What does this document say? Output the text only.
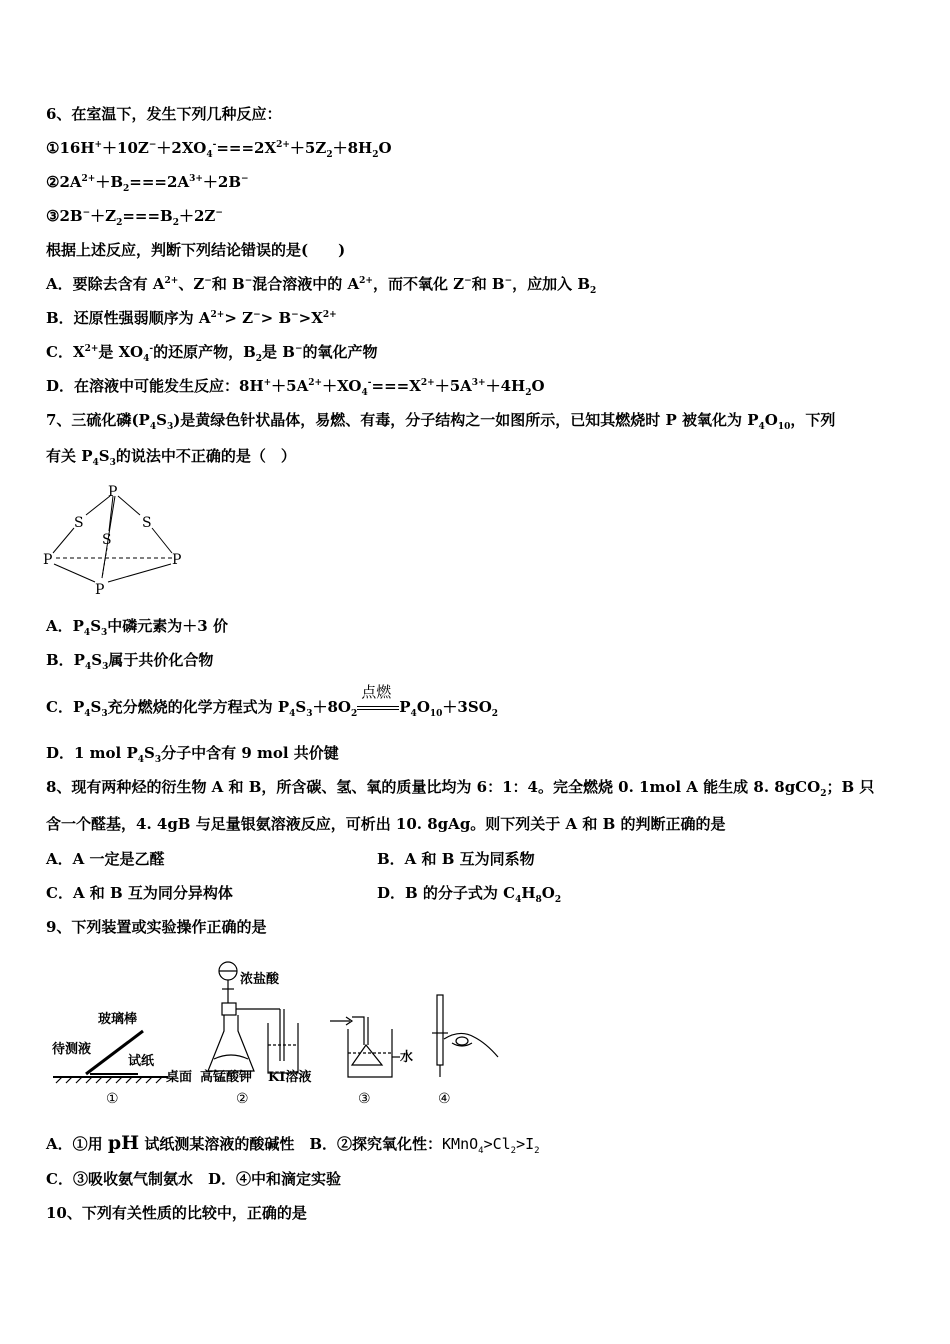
6、在室温下，发生下列几种反应：
$①16H^++10Z^-+2XO_4^-===2X^{2+}+5Z_2+8H_2O$
$②2A^{2+}+B_2===2A^{3+}+2B^-$
$③2B^-+Z_2===B_2+2Z^-$
根据上述反应，判断下列结论错误的是(　　)
A．要除去含有 $A^{2+}$、Z−和 B−混合溶液中的 $A^{2+}$，而不氧化 Z−和 B−，应加入 $B_2$
B．还原性强弱顺序为 $A^{2+}> Z^-> B^->X^{2+}$
C．$X^{2+}$是 $XO_4^-$的还原产物，$B_2$是 B−的氧化产物
D．在溶液中可能发生反应：$8H^++5A^{2+}+XO_4^-===X^{2+}+5A^{3+}+4H_2O$
7、三硫化磷$(P_4S_3)$是黄绿色针状晶体，易燃、有毒，分子结构之一如图所示，已知其燃烧时 P 被氧化为 $P_4O_{10}$，下列
有关 $P_4S_3$的说法中不正确的是（　）
P
S	S
S
P	P
P
A．$P_4S_3$中磷元素为＋3 价
B．$P_4S_3$属于共价化合物
C．$P_4S_3$充分燃烧的化学方程式为 $P_4S_3+8O_2$
点燃
$P_4O_{10}+3SO_2$
D．1 mol $P_4S_3$分子中含有 9 mol 共价键
8、现有两种烃的衍生物 A 和 B，所含碳、氢、氧的质量比均为 6：1：4。完全燃烧 0. 1mol A 能生成 8. 8gCO$_2$；B 只
含一个醛基，4. 4gB 与足量银氨溶液反应，可析出 10. 8gAg。则下列关于 A 和 B 的判断正确的是
A．A 一定是乙醛	B．A 和 B 互为同系物
C．A 和 B 互为同分异构体	D．B 的分子式为 $C_4H_8O_2$
9、下列装置或实验操作正确的是
玻璃棒
待测液
试纸
桌面
浓盐酸
高锰酸钾 KI溶液
水
①	②	③	④
A．①用 pH 试纸测某溶液的酸碱性　B．②探究氧化性：$KMnO_4>Cl_2>I_2$
C．③吸收氨气制氨水　D．④中和滴定实验
10、下列有关性质的比较中，正确的是
